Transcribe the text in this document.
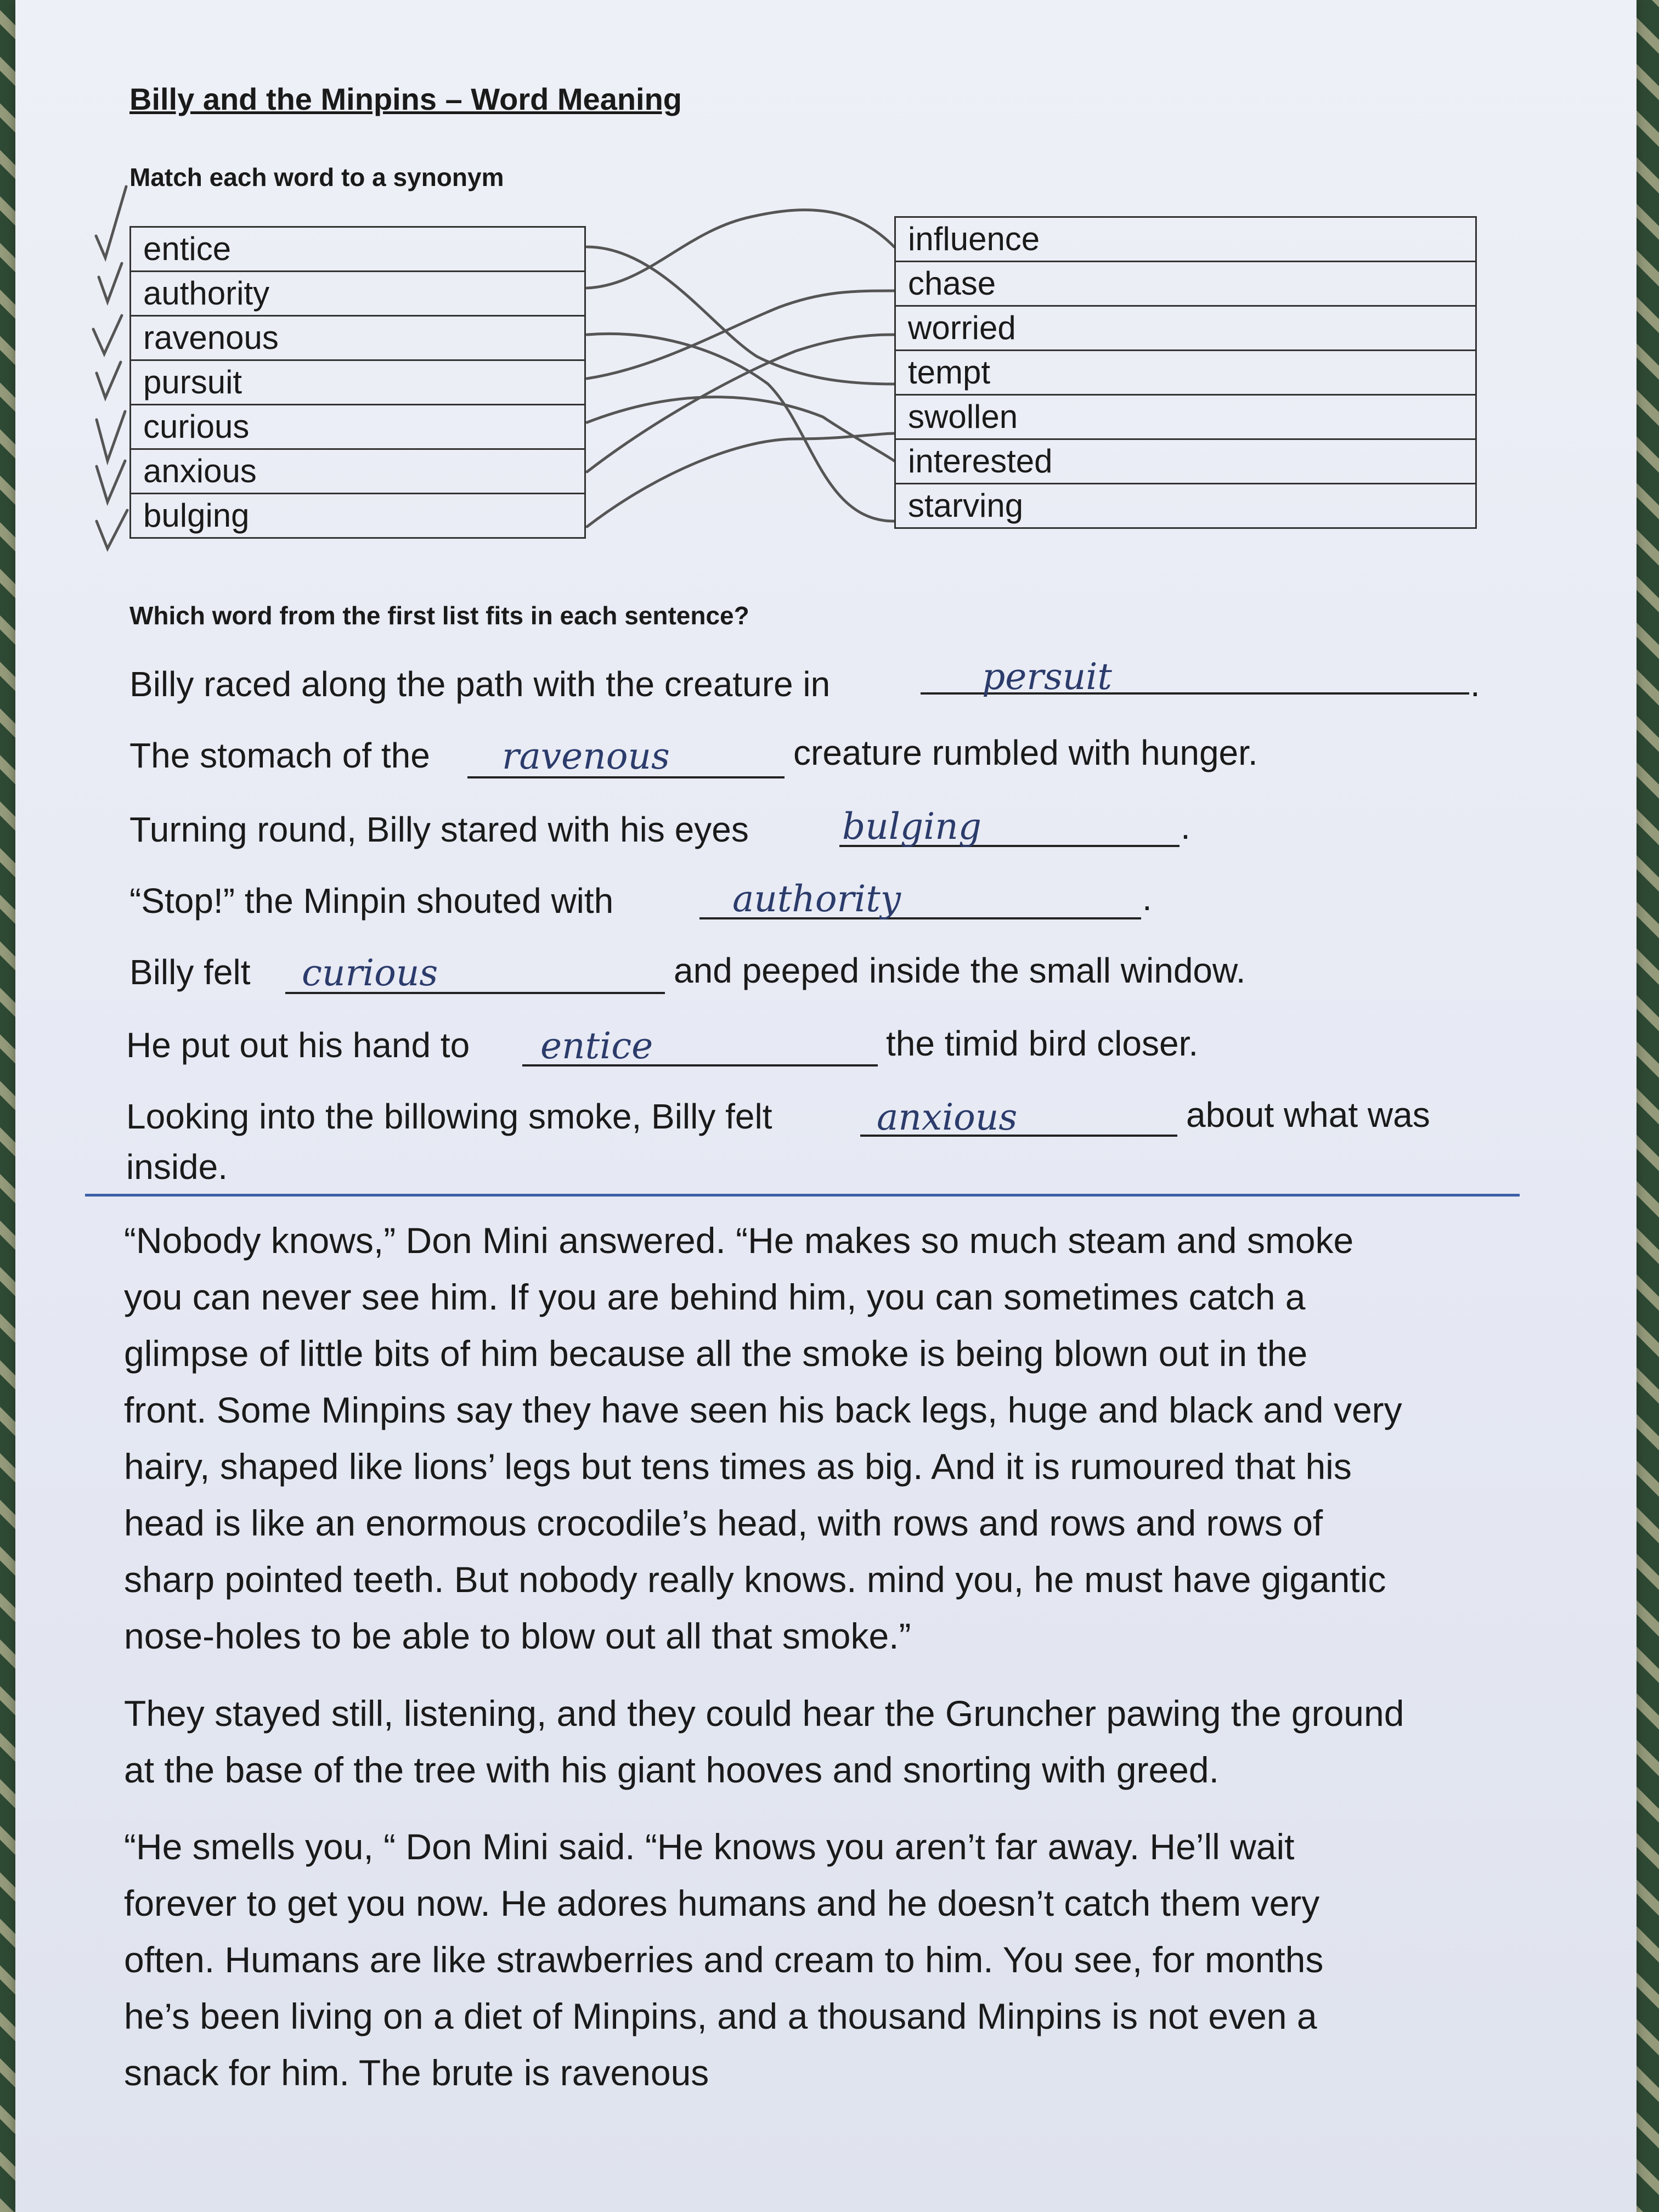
Billy and the Minpins – Word Meaning
Match each word to a synonym
entice
authority
ravenous
pursuit
curious
anxious
bulging
influence
chase
worried
tempt
swollen
interested
starving
Which word from the first list fits in each sentence?
Billy raced along the path with the creature in	persuit	.
The stomach of the ravenous	creature rumbled with hunger.
Turning round, Billy stared with his eyes	bulging	.
“Stop!” the Minpin shouted with	authority	.
Billy felt curious	and peeped inside the small window.
He put out his hand to entice	the timid bird closer.
Looking into the billowing smoke, Billy felt	anxious	about what was
inside.
“Nobody knows,” Don Mini answered. “He makes so much steam and smoke
you can never see him. If you are behind him, you can sometimes catch a
glimpse of little bits of him because all the smoke is being blown out in the
front. Some Minpins say they have seen his back legs, huge and black and very
hairy, shaped like lions’ legs but tens times as big. And it is rumoured that his
head is like an enormous crocodile’s head, with rows and rows and rows of
sharp pointed teeth. But nobody really knows. mind you, he must have gigantic
nose-holes to be able to blow out all that smoke.”
They stayed still, listening, and they could hear the Gruncher pawing the ground
at the base of the tree with his giant hooves and snorting with greed.
“He smells you, “ Don Mini said. “He knows you aren’t far away. He’ll wait
forever to get you now. He adores humans and he doesn’t catch them very
often. Humans are like strawberries and cream to him. You see, for months
he’s been living on a diet of Minpins, and a thousand Minpins is not even a
snack for him. The brute is ravenous
